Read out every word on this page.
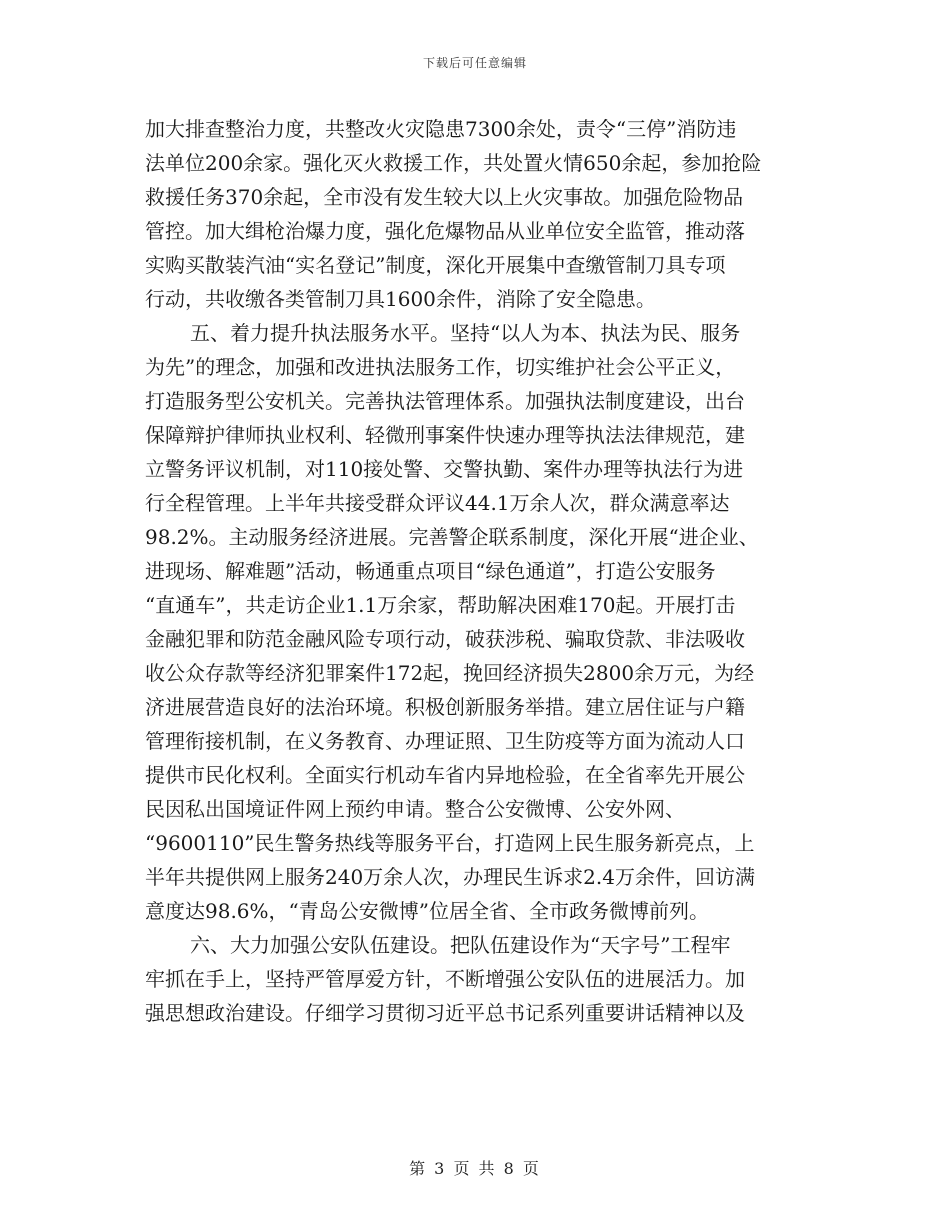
下载后可任意编辑
加大排查整治力度，共整改火灾隐患7300余处，责令“三停”消防违
法单位200余家。强化灭火救援工作，共处置火情650余起，参加抢险
救援任务370余起，全市没有发生较大以上火灾事故。加强危险物品
管控。加大缉枪治爆力度，强化危爆物品从业单位安全监管，推动落
实购买散装汽油“实名登记”制度，深化开展集中查缴管制刀具专项
行动，共收缴各类管制刀具1600余件，消除了安全隐患。
五、着力提升执法服务水平。坚持“以人为本、执法为民、服务
为先”的理念，加强和改进执法服务工作，切实维护社会公平正义，
打造服务型公安机关。完善执法管理体系。加强执法制度建设，出台
保障辩护律师执业权利、轻微刑事案件快速办理等执法法律规范，建
立警务评议机制，对110接处警、交警执勤、案件办理等执法行为进
行全程管理。上半年共接受群众评议44.1万余人次，群众满意率达
98.2%。主动服务经济进展。完善警企联系制度，深化开展“进企业、
进现场、解难题”活动，畅通重点项目“绿色通道”，打造公安服务
“直通车”，共走访企业1.1万余家，帮助解决困难170起。开展打击
金融犯罪和防范金融风险专项行动，破获涉税、骗取贷款、非法吸收
收公众存款等经济犯罪案件172起，挽回经济损失2800余万元，为经
济进展营造良好的法治环境。积极创新服务举措。建立居住证与户籍
管理衔接机制，在义务教育、办理证照、卫生防疫等方面为流动人口
提供市民化权利。全面实行机动车省内异地检验，在全省率先开展公
民因私出国境证件网上预约申请。整合公安微博、公安外网、
“9600110”民生警务热线等服务平台，打造网上民生服务新亮点，上
半年共提供网上服务240万余人次，办理民生诉求2.4万余件，回访满
意度达98.6%，“青岛公安微博”位居全省、全市政务微博前列。
六、大力加强公安队伍建设。把队伍建设作为“天字号”工程牢
牢抓在手上，坚持严管厚爱方针，不断增强公安队伍的进展活力。加
强思想政治建设。仔细学习贯彻习近平总书记系列重要讲话精神以及
第 3 页 共 8 页
